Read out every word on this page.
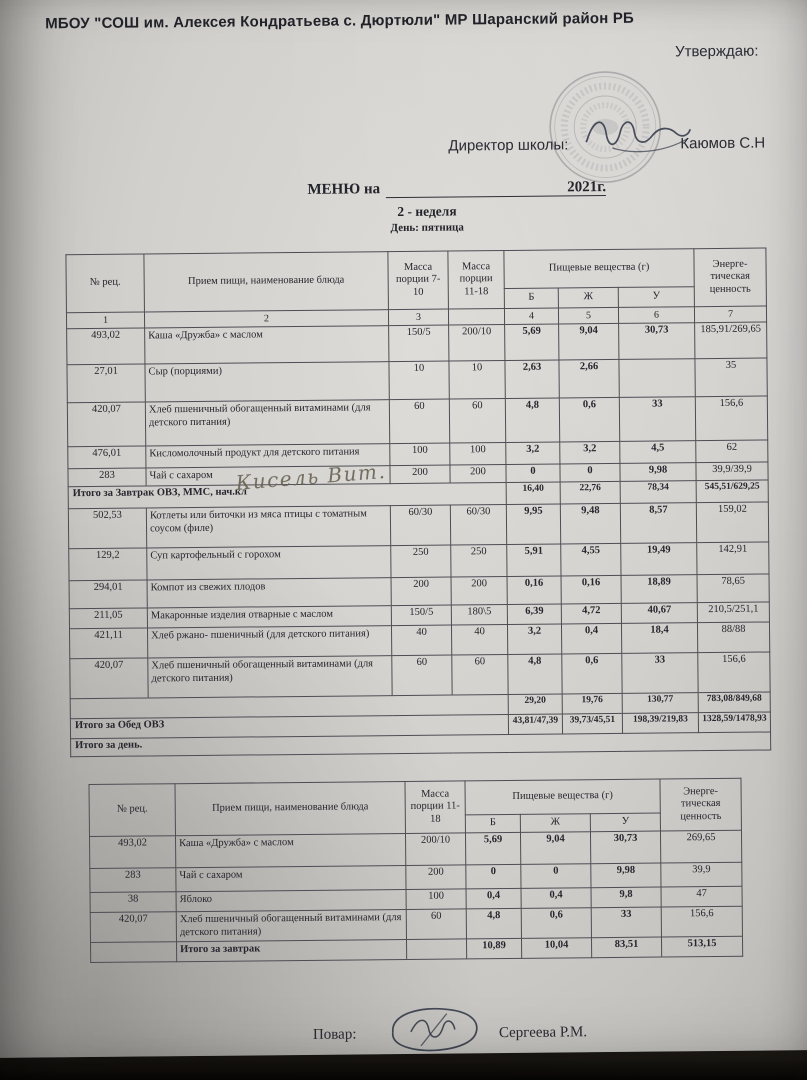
МБОУ "СОШ им. Алексея Кондратьева с. Дюртюли" МР Шаранский район РБ
Утверждаю:
Директор школы:	Каюмов С.Н
МЕНЮ на	2021г.
2 - неделя
День: пятница
№ рец.	Прием пищи, наименование блюда	Масса порции 7-10	Масса порции 11-18	Пищевые вещества (г)			Энерге-тическая ценность
				Б	Ж	У	
1	2	3		4	5	6	7
493,02	Каша «Дружба» с маслом	150/5	200/10	5,69	9,04	30,73	185,91/269,65
27,01	Сыр (порциями)	10	10	2,63	2,66		35
420,07	Хлеб пшеничный обогащенный витаминами (для детского питания)	60	60	4,8	0,6	33	156,6
476,01	Кисломолочный продукт для детского питания	100	100	3,2	3,2	4,5	62
283	Чай с сахаром	200	200	0	0	9,98	39,9/39,9
Итого за Завтрак ОВЗ, ММС, нач.кл				16,40	22,76	78,34	545,51/629,25
502,53	Котлеты или биточки из мяса птицы с томатным соусом (филе)	60/30	60/30	9,95	9,48	8,57	159,02
129,2	Суп картофельный с горохом	250	250	5,91	4,55	19,49	142,91
294,01	Компот из свежих плодов	200	200	0,16	0,16	18,89	78,65
211,05	Макаронные изделия отварные с маслом	150/5	180\5	6,39	4,72	40,67	210,5/251,1
421,11	Хлеб ржано- пшеничный (для детского питания)	40	40	3,2	0,4	18,4	88/88
420,07	Хлеб пшеничный обогащенный витаминами (для детского питания)	60	60	4,8	0,6	33	156,6
				29,20	19,76	130,77	783,08/849,68
Итого за Обед ОВЗ				43,81/47,39	39,73/45,51	198,39/219,83	1328,59/1478,93
Итого за день.							
Кисель Вит.
№ рец.	Прием пищи, наименование блюда	Масса порции 11-18	Пищевые вещества (г)			Энерге-тическая ценность
			Б	Ж	У	
493,02	Каша «Дружба» с маслом	200/10	5,69	9,04	30,73	269,65
283	Чай с сахаром	200	0	0	9,98	39,9
38	Яблоко	100	0,4	0,4	9,8	47
420,07	Хлеб пшеничный обогащенный витаминами (для детского питания)	60	4,8	0,6	33	156,6
	Итого за завтрак		10,89	10,04	83,51	513,15
Повар:	Сергеева Р.М.
